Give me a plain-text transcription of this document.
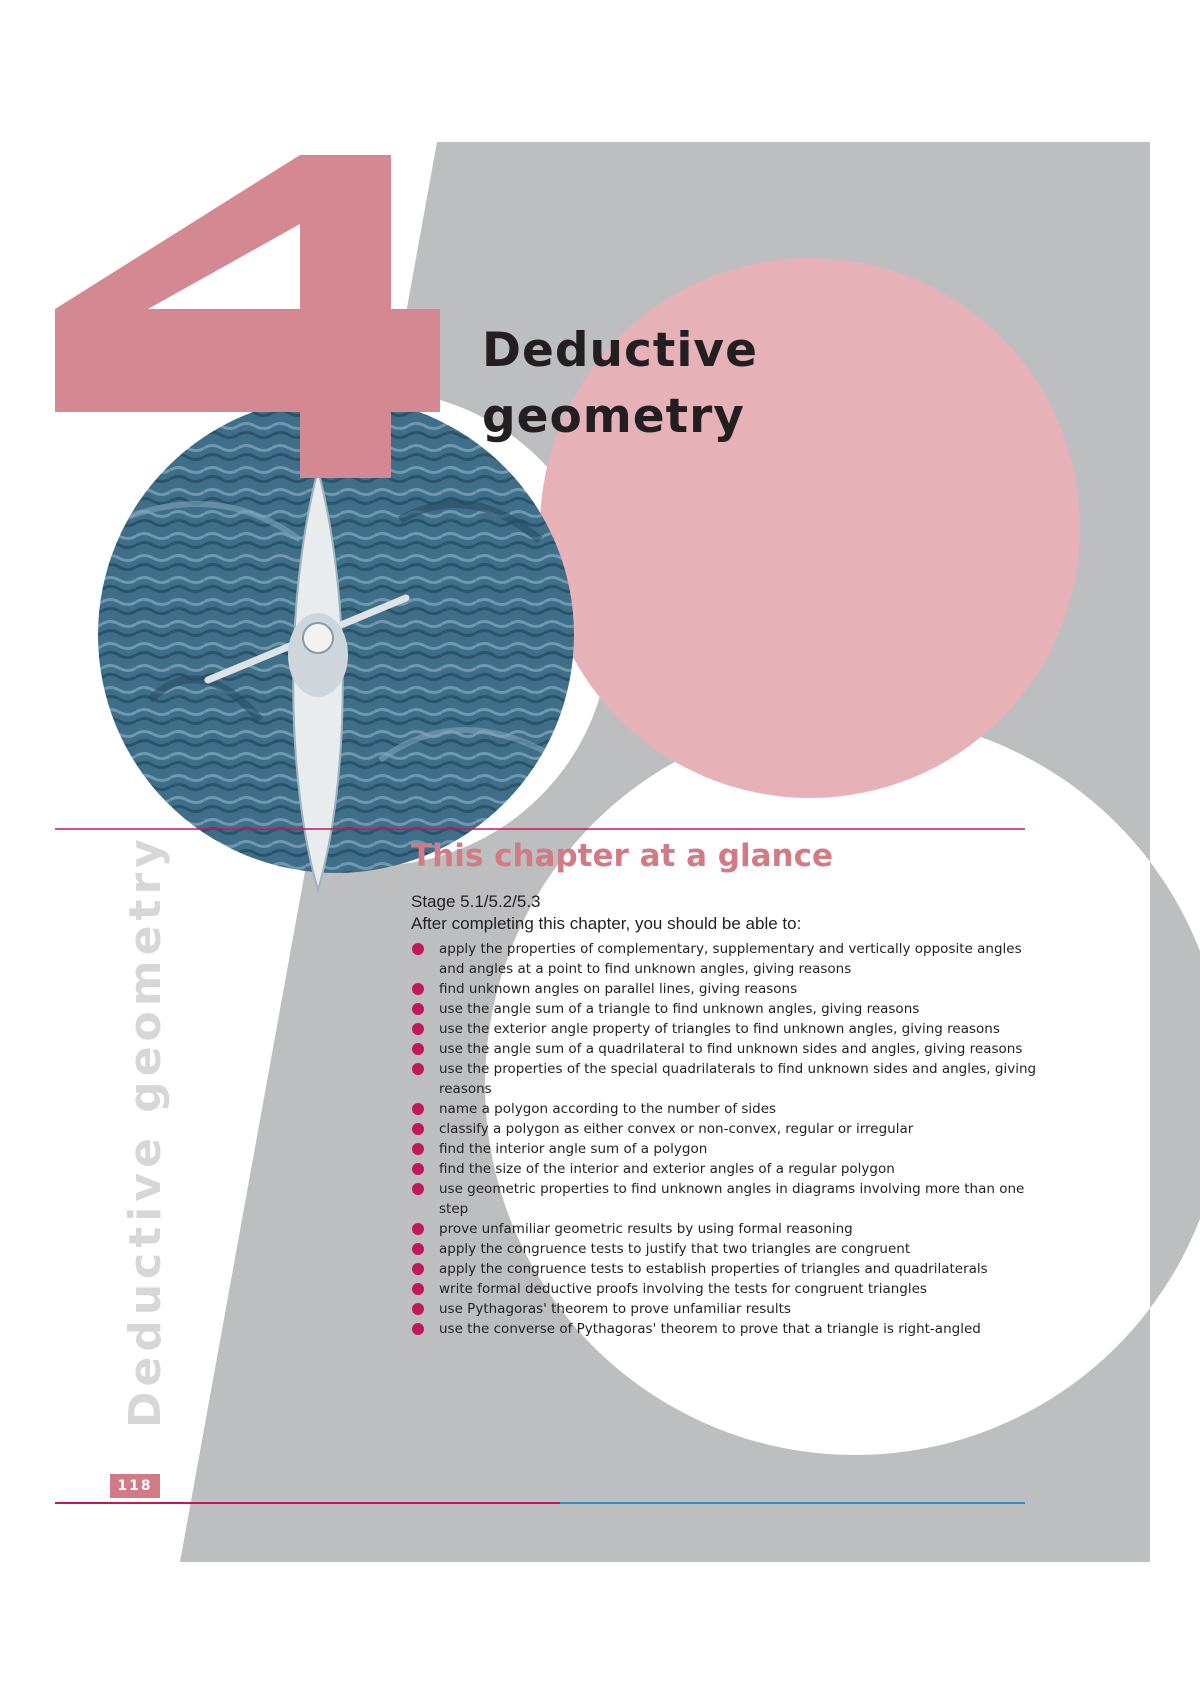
Deductive
geometry
Deductive geometry	This chapter at a glance

Stage 5.1/5.2/5.3

After completing this chapter, you should be able to:

apply the properties of complementary, supplementary and vertically opposite angles and angles at a point to find unknown angles, giving reasons
find unknown angles on parallel lines, giving reasons
use the angle sum of a triangle to find unknown angles, giving reasons
use the exterior angle property of triangles to find unknown angles, giving reasons
use the angle sum of a quadrilateral to find unknown sides and angles, giving reasons
use the properties of the special quadrilaterals to find unknown sides and angles, giving reasons
name a polygon according to the number of sides
classify a polygon as either convex or non-convex, regular or irregular
find the interior angle sum of a polygon
find the size of the interior and exterior angles of a regular polygon
use geometric properties to find unknown angles in diagrams involving more than one step
prove unfamiliar geometric results by using formal reasoning
apply the congruence tests to justify that two triangles are congruent
apply the congruence tests to establish properties of triangles and quadrilaterals
write formal deductive proofs involving the tests for congruent triangles
use Pythagoras' theorem to prove unfamiliar results
use the converse of Pythagoras' theorem to prove that a triangle is right-angled
118
